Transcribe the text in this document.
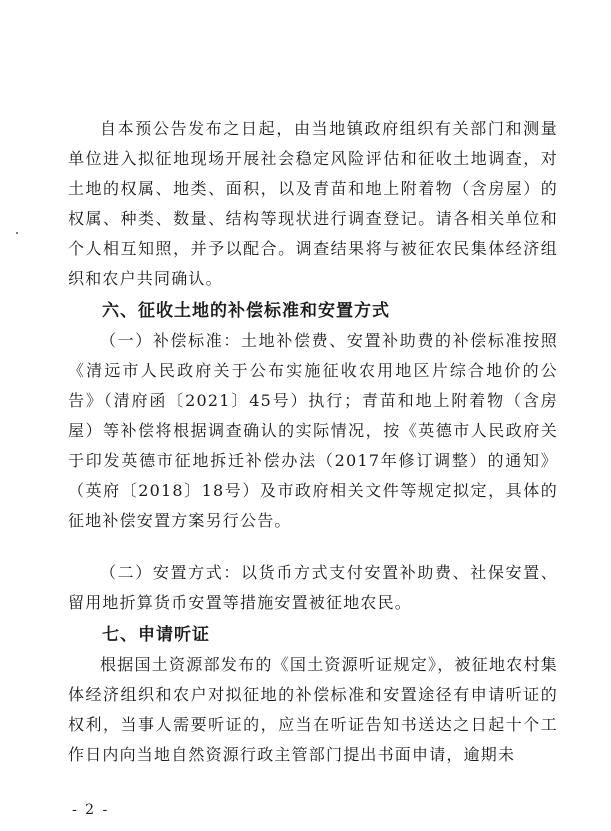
自本预公告发布之日起，由当地镇政府组织有关部门和测量单位进入拟征地现场开展社会稳定风险评估和征收土地调查，对土地的权属、地类、面积，以及青苗和地上附着物（含房屋）的权属、种类、数量、结构等现状进行调查登记。请各相关单位和个人相互知照，并予以配合。调查结果将与被征农民集体经济组织和农户共同确认。

六、征收土地的补偿标准和安置方式

（一）补偿标准：土地补偿费、安置补助费的补偿标准按照《清远市人民政府关于公布实施征收农用地区片综合地价的公告》（清府函〔2021〕45号）执行；青苗和地上附着物（含房屋）等补偿将根据调查确认的实际情况，按《英德市人民政府关于印发英德市征地拆迁补偿办法（2017年修订调整）的通知》（英府〔2018〕18号）及市政府相关文件等规定拟定，具体的征地补偿安置方案另行公告。

（二）安置方式：以货币方式支付安置补助费、社保安置、留用地折算货币安置等措施安置被征地农民。

七、申请听证

根据国土资源部发布的《国土资源听证规定》，被征地农村集体经济组织和农户对拟征地的补偿标准和安置途径有申请听证的权利，当事人需要听证的，应当在听证告知书送达之日起十个工作日内向当地自然资源行政主管部门提出书面申请，逾期未

- 2 -
